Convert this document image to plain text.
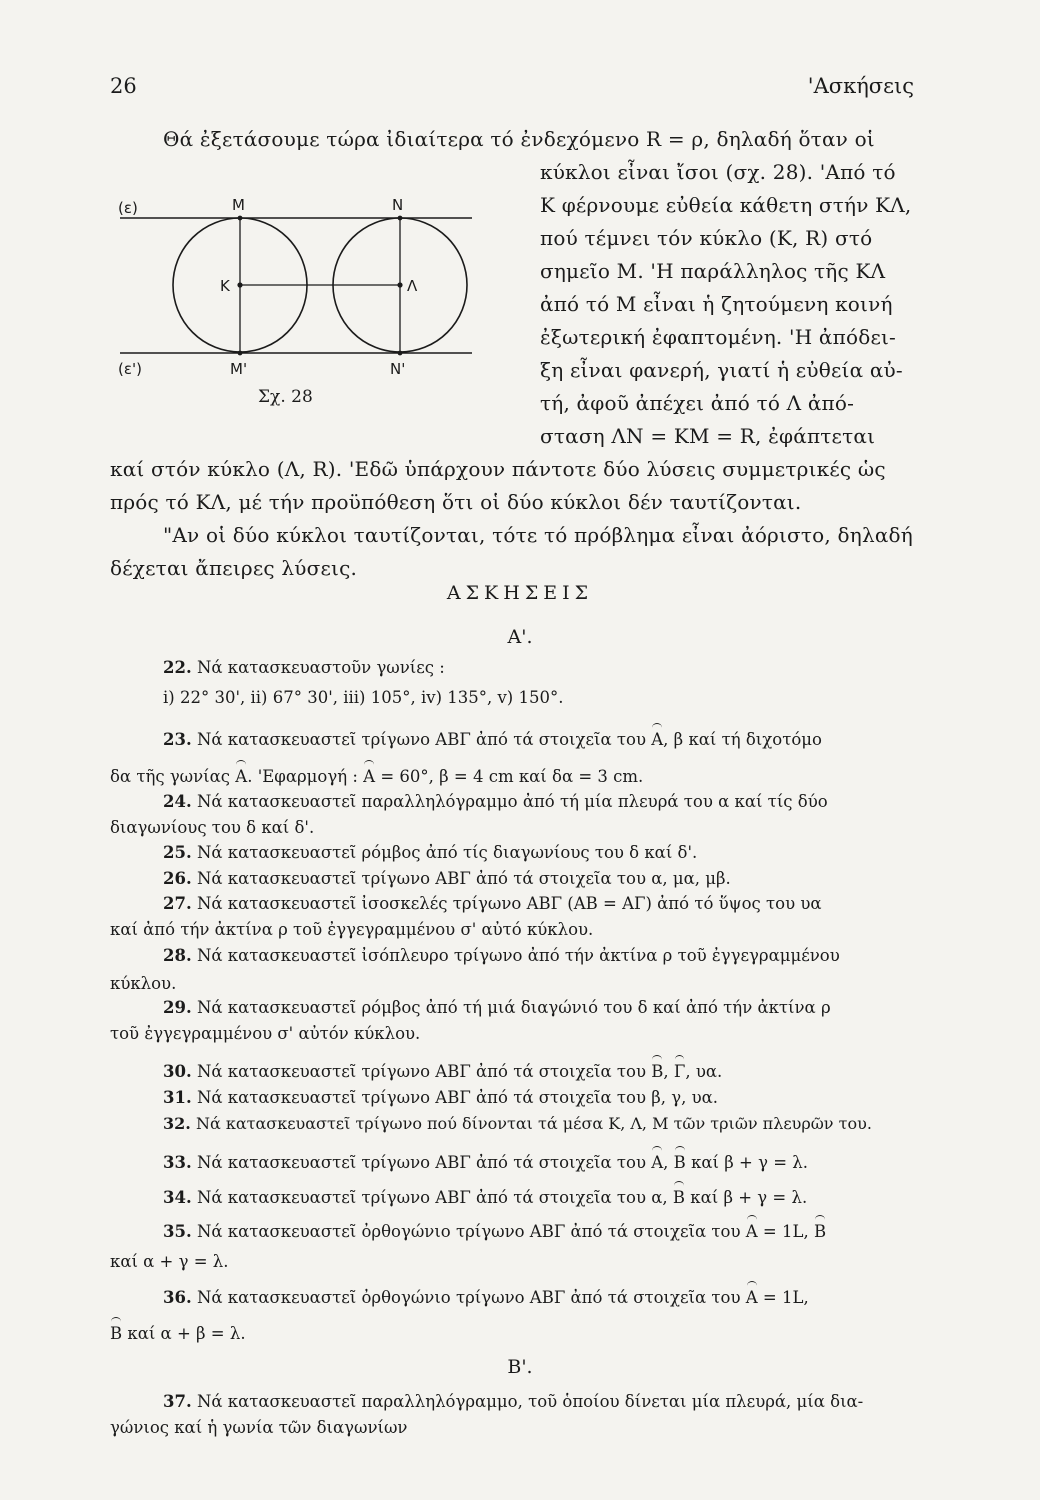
26	'Ασκήσεις
Θά ἐξετάσουμε τώρα ἰδιαίτερα τό ἐνδεχόμενο R = ρ, δηλαδή ὅταν οἱ
κύκλοι εἶναι ἴσοι (σχ. 28). 'Από τό
Κ φέρνουμε εὐθεία κάθετη στήν ΚΛ,
πού τέμνει τόν κύκλο (Κ, R) στό
σημεῖο Μ. 'Η παράλληλος τῆς ΚΛ
ἀπό τό Μ εἶναι ἡ ζητούμενη κοινή
ἐξωτερική ἐφαπτομένη. 'Η ἀπόδει-
ξη εἶναι φανερή, γιατί ἡ εὐθεία αὐ-
τή, ἀφοῦ ἀπέχει ἀπό τό Λ ἀπό-
σταση ΛΝ = ΚΜ = R, ἐφάπτεται
καί στόν κύκλο (Λ, R). 'Εδῶ ὑπάρχουν πάντοτε δύο λύσεις συμμετρικές ὡς
πρός τό ΚΛ, μέ τήν προϋπόθεση ὅτι οἱ δύο κύκλοι δέν ταυτίζονται.
"Αν οἱ δύο κύκλοι ταυτίζονται, τότε τό πρόβλημα εἶναι ἀόριστο, δηλαδή
δέχεται ἄπειρες λύσεις.
(ε)	Μ	Ν
Κ	Λ
(ε')	Μ'	Ν'
Σχ. 28
ΑΣΚΗΣΕΙΣ
Α'.
22. Νά κατασκευαστοῦν γωνίες :
i) 22° 30', ii) 67° 30', iii) 105°, iv) 135°, v) 150°.
23. Νά κατασκευαστεῖ τρίγωνο ΑΒΓ ἀπό τά στοιχεῖα του Α, β καί τή διχοτόμο
δα τῆς γωνίας Α. 'Εφαρμογή : Α = 60°, β = 4 cm καί δα = 3 cm.
24. Νά κατασκευαστεῖ παραλληλόγραμμο ἀπό τή μία πλευρά του α καί τίς δύο
διαγωνίους του δ καί δ'.
25. Νά κατασκευαστεῖ ρόμβος ἀπό τίς διαγωνίους του δ καί δ'.
26. Νά κατασκευαστεῖ τρίγωνο ΑΒΓ ἀπό τά στοιχεῖα του α, μα, μβ.
27. Νά κατασκευαστεῖ ἰσοσκελές τρίγωνο ΑΒΓ (ΑΒ = ΑΓ) ἀπό τό ὕψος του υα
καί ἀπό τήν ἀκτίνα ρ τοῦ ἐγγεγραμμένου σ' αὐτό κύκλου.
28. Νά κατασκευαστεῖ ἰσόπλευρο τρίγωνο ἀπό τήν ἀκτίνα ρ τοῦ ἐγγεγραμμένου
κύκλου.
29. Νά κατασκευαστεῖ ρόμβος ἀπό τή μιά διαγώνιό του δ καί ἀπό τήν ἀκτίνα ρ
τοῦ ἐγγεγραμμένου σ' αὐτόν κύκλου.
30. Νά κατασκευαστεῖ τρίγωνο ΑΒΓ ἀπό τά στοιχεῖα του Β, Γ, υα.
31. Νά κατασκευαστεῖ τρίγωνο ΑΒΓ ἀπό τά στοιχεῖα του β, γ, υα.
32. Νά κατασκευαστεῖ τρίγωνο πού δίνονται τά μέσα Κ, Λ, Μ τῶν τριῶν πλευρῶν του.
33. Νά κατασκευαστεῖ τρίγωνο ΑΒΓ ἀπό τά στοιχεῖα του Α, Β καί β + γ = λ.
34. Νά κατασκευαστεῖ τρίγωνο ΑΒΓ ἀπό τά στοιχεῖα του α, Β καί β + γ = λ.
35. Νά κατασκευαστεῖ ὀρθογώνιο τρίγωνο ΑΒΓ ἀπό τά στοιχεῖα του Α = 1L, Β
καί α + γ = λ.
36. Νά κατασκευαστεῖ ὀρθογώνιο τρίγωνο ΑΒΓ ἀπό τά στοιχεῖα του Α = 1L,
Β καί α + β = λ.
Β'.
37. Νά κατασκευαστεῖ παραλληλόγραμμο, τοῦ ὁποίου δίνεται μία πλευρά, μία δια-
γώνιος καί ἡ γωνία τῶν διαγωνίων
